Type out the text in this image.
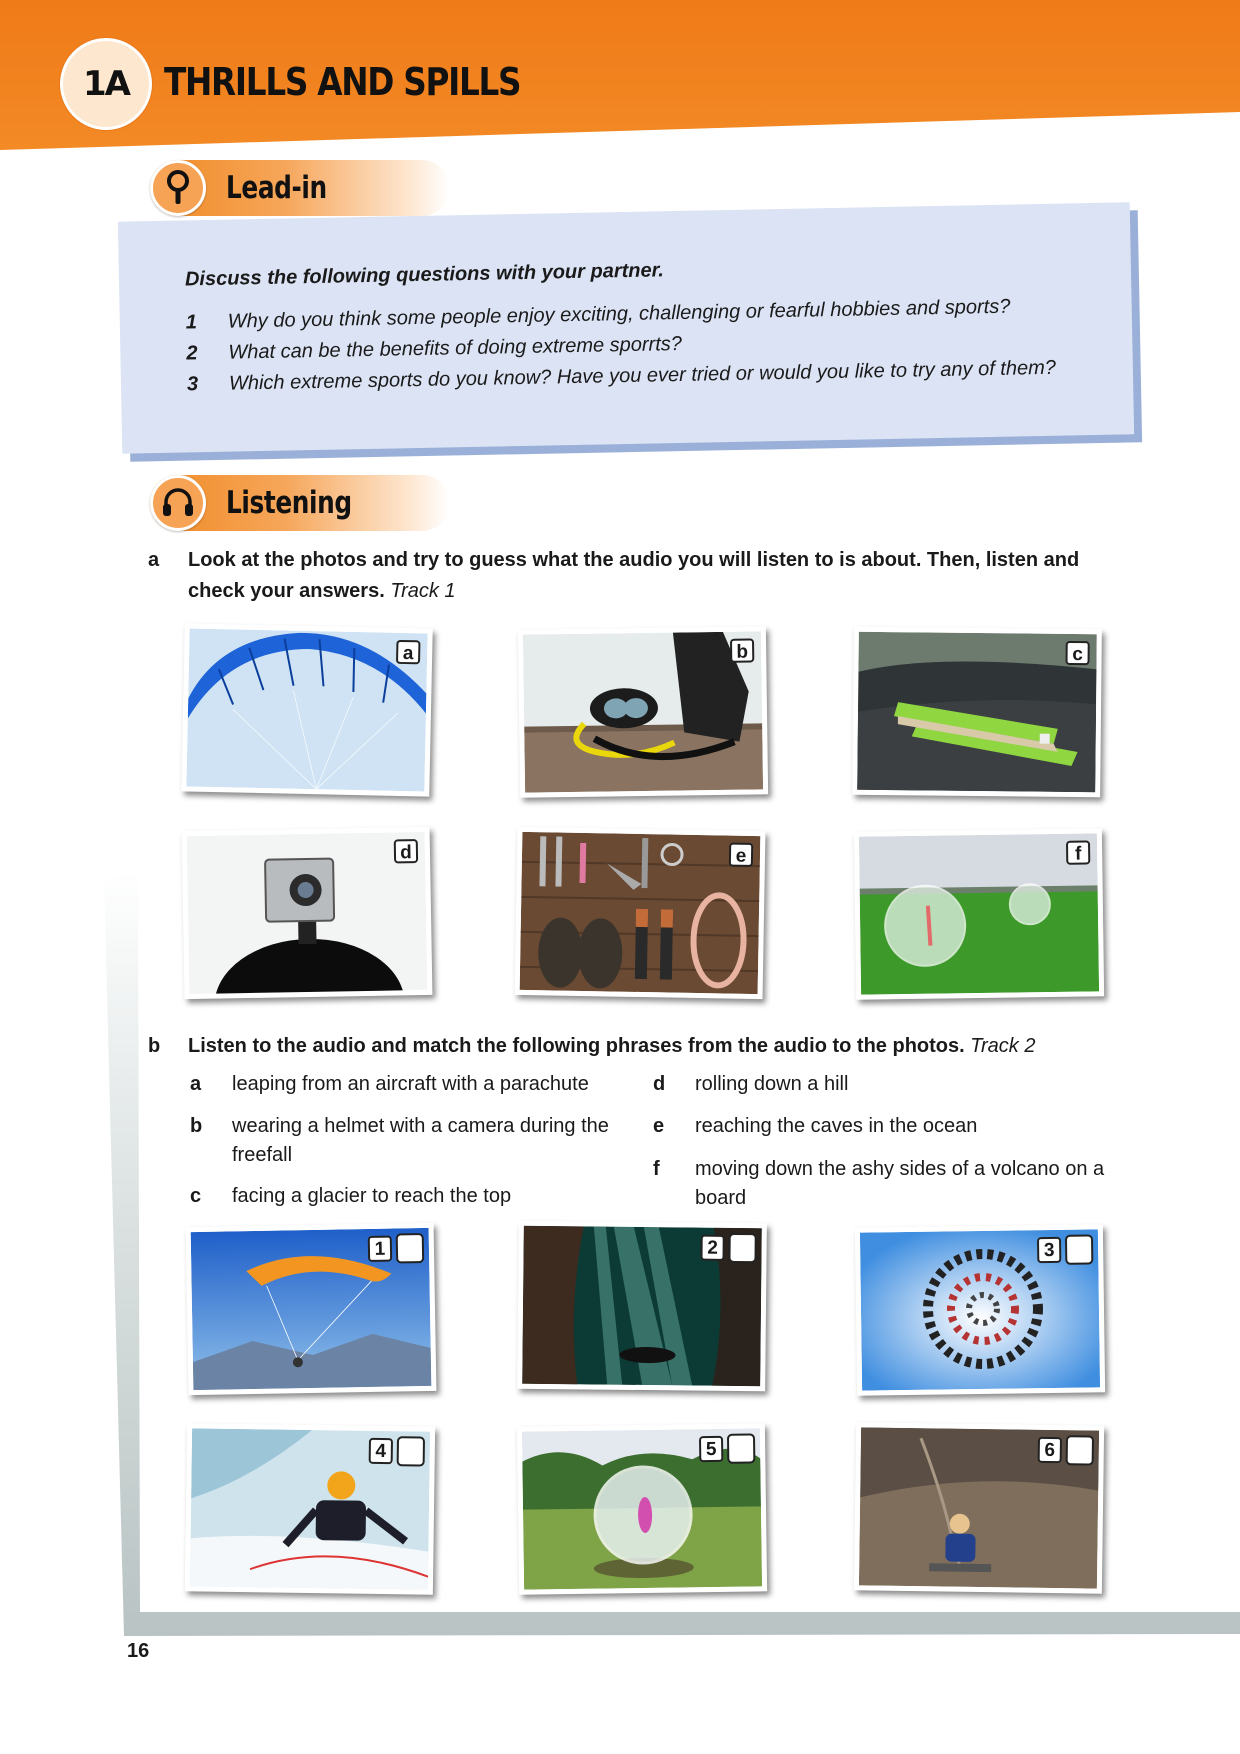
1A THRILLS AND SPILLS
Lead-in

Discuss the following questions with your partner.

1	Why do you think some people enjoy exciting, challenging or fearful hobbies and sports?
2	What can be the benefits of doing extreme sporrts?
3	Which extreme sports do you know? Have you ever tried or would you like to try any of them?
Listening
a	Look at the photos and try to guess what the audio you will listen to is about. Then, listen and check your answers. Track 1
a	b	c
d	e	f
b	Listen to the audio and match the following phrases from the audio to the photos. Track 2
a	leaping from an aircraft with a parachute
b	wearing a helmet with a camera during the freefall
c	facing a glacier to reach the top
d	rolling down a hill
e	reaching the caves in the ocean
f	moving down the ashy sides of a volcano on a board
1	2	3
4	5	6
16
